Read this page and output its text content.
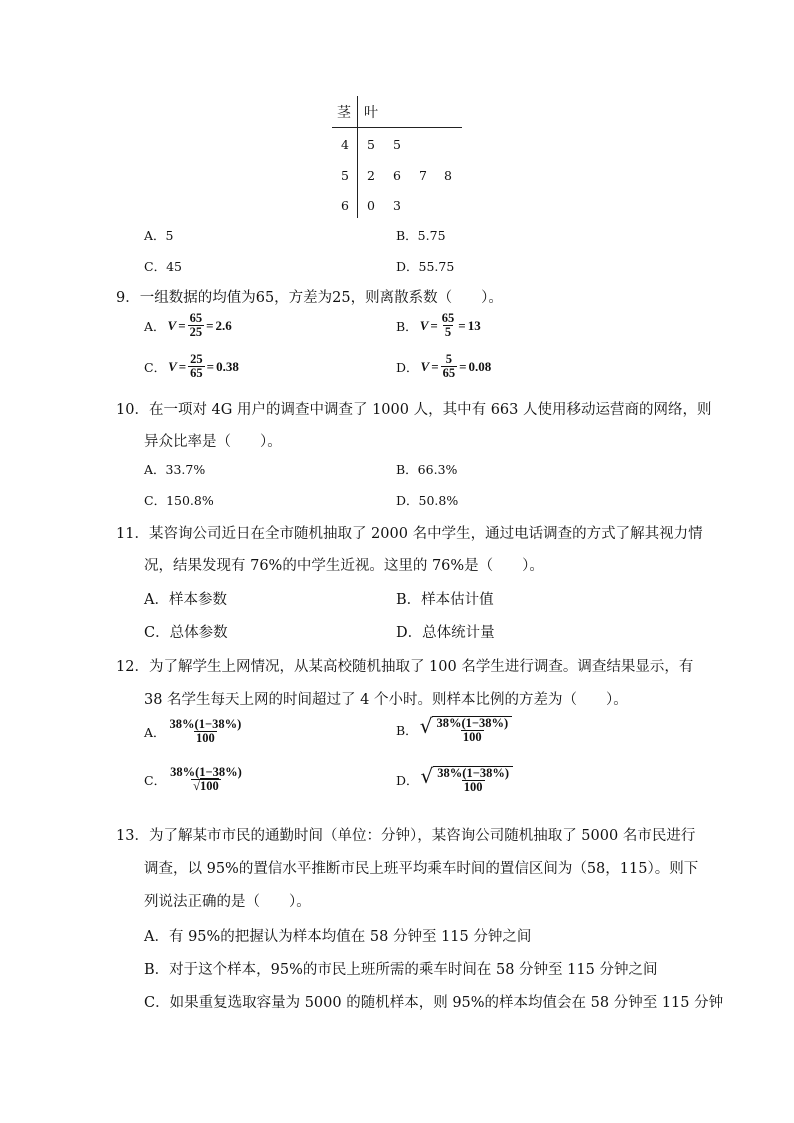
茎 叶
4 5 5
5 2 6 7 8
6 0 3
A．5	B．5.75
C．45	D．55.75
9．一组数据的均值为65，方差为25，则离散系数（　　）。
A． $V = \frac{65}{25} = 2.6$	B． $V = \frac{65}{5} = 13$
C． $V = \frac{25}{65} = 0.38$	D． $V = \frac{5}{65} = 0.08$
10．在一项对 4G 用户的调查中调查了 1000 人，其中有 663 人使用移动运营商的网络，则
异众比率是（　　）。
A．33.7%	B．66.3%
C．150.8%	D．50.8%
11．某咨询公司近日在全市随机抽取了 2000 名中学生，通过电话调查的方式了解其视力情
况，结果发现有 76%的中学生近视。这里的 76%是（　　）。
A．样本参数	B．样本估计值
C．总体参数	D．总体统计量
12．为了解学生上网情况，从某高校随机抽取了 100 名学生进行调查。调查结果显示，有
38 名学生每天上网的时间超过了 4 个小时。则样本比例的方差为（　　）。
A． $\frac{38\%(1-38\%)}{100}$	B． √ $\frac{38\%(1-38\%)}{100}$
C． $\frac{38\%(1-38\%)}{√100}$	D． √ $\frac{38\%(1-38\%)}{100}$
13．为了解某市市民的通勤时间（单位：分钟），某咨询公司随机抽取了 5000 名市民进行
调查，以 95%的置信水平推断市民上班平均乘车时间的置信区间为（58，115）。则下
列说法正确的是（　　）。
A．有 95%的把握认为样本均值在 58 分钟至 115 分钟之间
B．对于这个样本，95%的市民上班所需的乘车时间在 58 分钟至 115 分钟之间
C．如果重复选取容量为 5000 的随机样本，则 95%的样本均值会在 58 分钟至 115 分钟
